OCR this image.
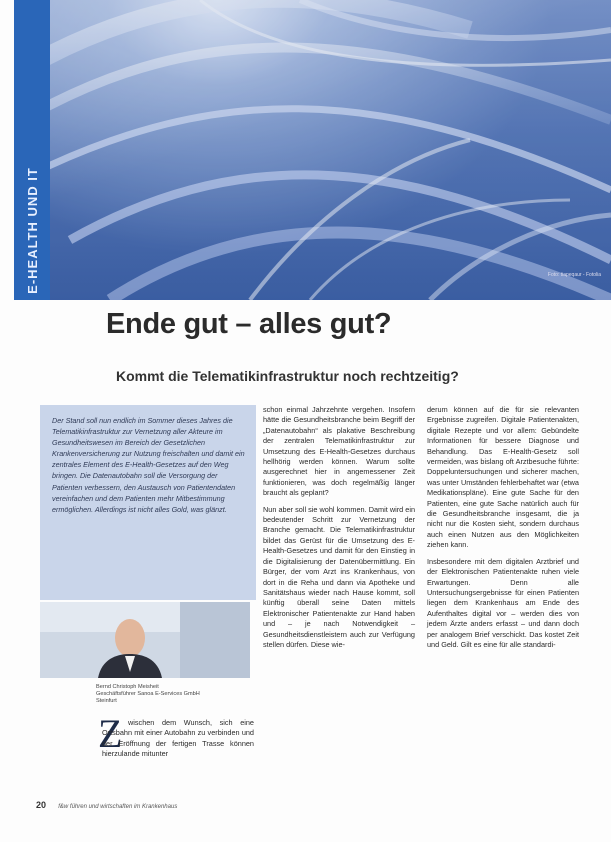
Foto: tiapeqaur - Fotolia
E-HEALTH UND IT
Ende gut – alles gut?

Kommt die Telematikinfrastruktur noch rechtzeitig?

Der Stand soll nun endlich im Sommer dieses Jahres die Telematikinfrastruktur zur Vernetzung aller Akteure im Gesundheitswesen im Bereich der Gesetzlichen Krankenversicherung zur Nutzung freischalten und damit ein zentrales Element des E-Health-Gesetzes auf den Weg bringen. Die Datenautobahn soll die Versorgung der Patienten verbessern, den Austausch von Patientendaten vereinfachen und dem Patienten mehr Mitbestimmung ermöglichen. Allerdings ist nicht alles Gold, was glänzt.

Bernd Christoph Meisheit
Geschäftsführer Sanoa E-Services GmbH
Steinfurt
Z wischen dem Wunsch, sich eine Ortsbahn mit einer Autobahn zu verbinden und der Eröffnung der fertigen Trasse können hierzulande mitunter

schon einmal Jahrzehnte vergehen. Insofern hätte die Gesundheitsbranche beim Begriff der „Datenautobahn“ als plakative Beschreibung der zentralen Telematikinfrastruktur zur Umsetzung des E-Health-Gesetzes durchaus hellhörig werden können. Warum sollte ausgerechnet hier in angemessener Zeit funktionieren, was doch regelmäßig länger braucht als geplant?

Nun aber soll sie wohl kommen. Damit wird ein bedeutender Schritt zur Vernetzung der Branche gemacht. Die Telematikinfrastruktur bildet das Gerüst für die Umsetzung des E-Health-Gesetzes und damit für den Einstieg in die Digitalisierung der Datenübermittlung. Ein Bürger, der vom Arzt ins Krankenhaus, von dort in die Reha und dann via Apotheke und Sanitätshaus wieder nach Hause kommt, soll künftig überall seine Daten mittels Elektronischer Patientenakte zur Hand haben und – je nach Notwendigkeit – Gesundheitsdienstleistern auch zur Verfügung stellen dürfen. Diese wie-

derum können auf die für sie relevanten Ergebnisse zugreifen. Digitale Patientenakten, digitale Rezepte und vor allem: Gebündelte Informationen für bessere Diagnose und Behandlung. Das E-Health-Gesetz soll vermeiden, was bislang oft Arztbesuche führte: Doppeluntersuchungen und sicherer machen, was unter Umständen fehlerbehaftet war (etwa Medikationspläne). Eine gute Sache für den Patienten, eine gute Sache natürlich auch für die Gesundheitsbranche insgesamt, die ja nicht nur die Kosten sieht, sondern durchaus auch einen Nutzen aus den Möglichkeiten ziehen kann.

Insbesondere mit dem digitalen Arztbrief und der Elektronischen Patientenakte ruhen viele Erwartungen. Denn alle Untersuchungsergebnisse für einen Patienten liegen dem Krankenhaus am Ende des Aufenthaltes digital vor – werden dies von jedem Ärzte anders erfasst – und dann doch per analogem Brief verschickt. Das kostet Zeit und Geld. Gilt es eine für alle standardi-

20 f&w führen und wirtschaften im Krankenhaus
